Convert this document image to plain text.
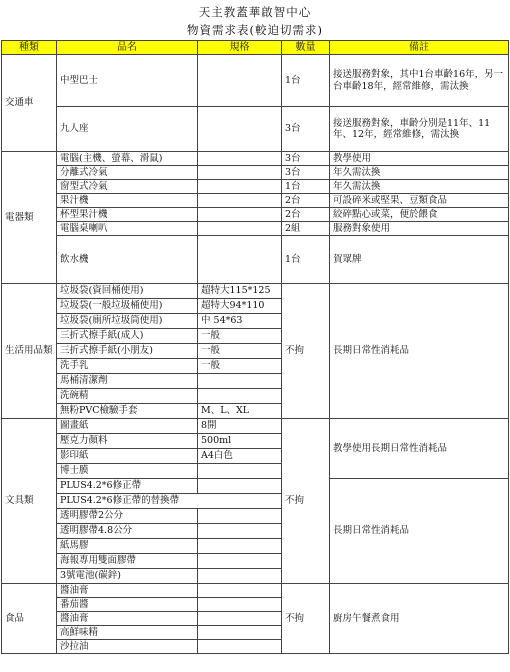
天主教蓋華啟智中心
物資需求表(較迫切需求)
種類	品名	規格	數量	備註
交通車	中型巴士		1台	接送服務對象，其中1台車齡16年，另一台車齡18年，經常維修，需汰換
	九人座		3台	接送服務對象，車齡分別是11年、11年、12年，經常維修，需汰換
電器類	電腦(主機、螢幕、滑鼠)		3台	教學使用
	分離式冷氣		3台	年久需汰換
	窗型式冷氣		1台	年久需汰換
	果汁機		2台	可設碎米或堅果、豆類食品
	杯型果汁機		2台	絞碎點心或菜，便於餵食
	電腦桌喇叭		2組	服務對象使用
	飲水機		1台	賀眾牌
生活用品類	垃圾袋(資回桶使用)	超特大115*125	不拘	長期日常性消耗品
	垃圾袋(一般垃圾桶使用)	超特大94*110		
	垃圾袋(廁所垃圾筒使用)	中 54*63		
	三折式擦手紙(成人)	一般		
	三折式擦手紙(小朋友)	一般		
	洗手乳	一般		
	馬桶清潔劑			
	洗碗精			
	無粉PVC檢驗手套	M、L、XL		
文具類	圖畫紙	8開	不拘	教學使用長期日常性消耗品
	壓克力顏料	500ml		
	影印紙	A4白色		
	博士膜			
	PLUS4.2*6修正帶			長期日常性消耗品
	PLUS4.2*6修正帶的替換帶			
	透明膠帶2公分			
	透明膠帶4.8公分			
	紙馬膠			
	海報專用雙面膠帶			
	3號電池(碳鋅)			
食品	醬油膏		不拘	廚房午餐煮食用
	番茄醬			
	醬油膏			
	高鮮味精			
	沙拉油			
